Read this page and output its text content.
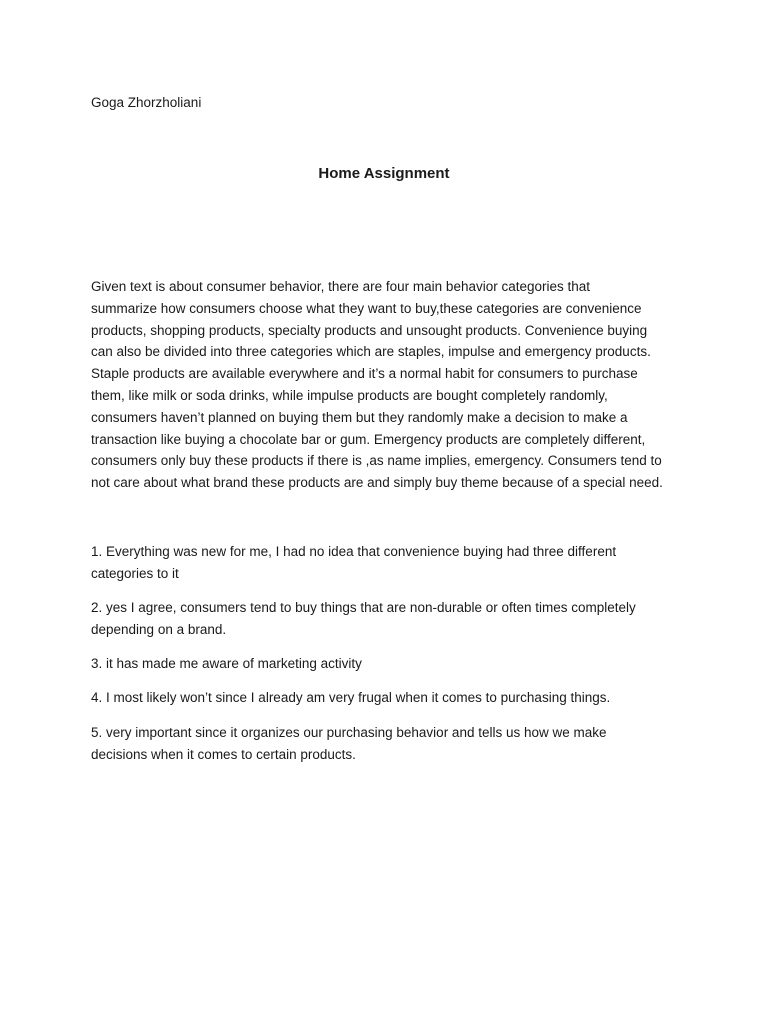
Goga Zhorzholiani

Home Assignment

Given text is about consumer behavior, there are four main behavior categories that
summarize how consumers choose what they want to buy,these categories are convenience
products, shopping products, specialty products and unsought products. Convenience buying
can also be divided into three categories which are staples, impulse and emergency products.
Staple products are available everywhere and it’s a normal habit for consumers to purchase
them, like milk or soda drinks, while impulse products are bought completely randomly,
consumers haven’t planned on buying them but they randomly make a decision to make a
transaction like buying a chocolate bar or gum. Emergency products are completely different,
consumers only buy these products if there is ,as name implies, emergency. Consumers tend to
not care about what brand these products are and simply buy theme because of a special need.

1. Everything was new for me, I had no idea that convenience buying had three different
categories to it
2. yes I agree, consumers tend to buy things that are non-durable or often times completely
depending on a brand.
3. it has made me aware of marketing activity
4. I most likely won’t since I already am very frugal when it comes to purchasing things.
5. very important since it organizes our purchasing behavior and tells us how we make
decisions when it comes to certain products.
